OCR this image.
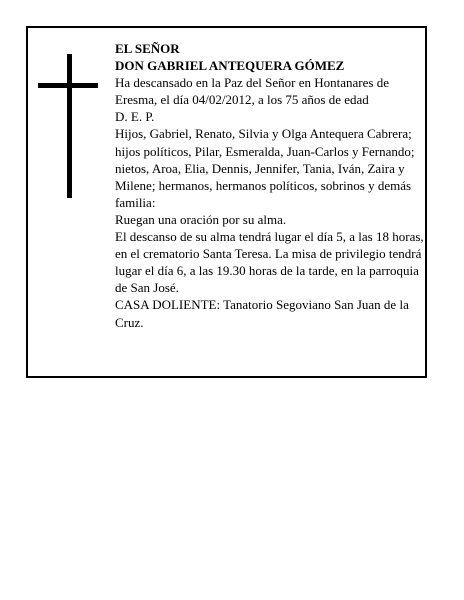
EL SEÑOR

DON GABRIEL ANTEQUERA GÓMEZ

Ha descansado en la Paz del Señor en Hontanares de Eresma, el día 04/02/2012, a los 75 años de edad

D. E. P.

Hijos, Gabriel, Renato, Silvia y Olga Antequera Cabrera; hijos políticos, Pilar, Esmeralda, Juan-Carlos y Fernando; nietos, Aroa, Elia, Dennis, Jennifer, Tania, Iván, Zaira y Milene; hermanos, hermanos políticos, sobrinos y demás familia:

Ruegan una oración por su alma.

El descanso de su alma tendrá lugar el día 5, a las 18 horas, en el crematorio Santa Teresa. La misa de privilegio tendrá lugar el día 6, a las 19.30 horas de la tarde, en la parroquia de San José.

CASA DOLIENTE: Tanatorio Segoviano San Juan de la Cruz.
